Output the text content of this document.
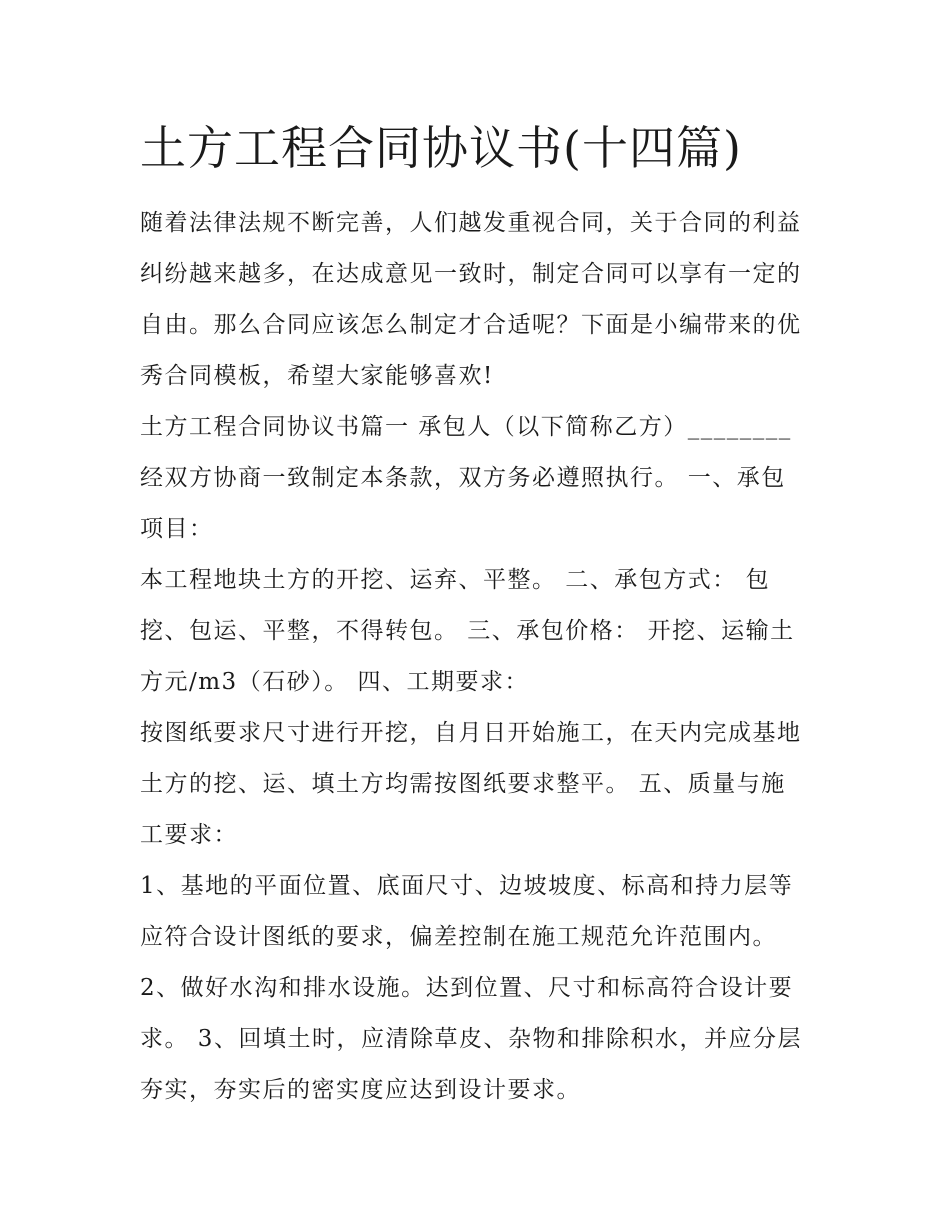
土方工程合同协议书(十四篇)

随着法律法规不断完善，人们越发重视合同，关于合同的利益
纠纷越来越多，在达成意见一致时，制定合同可以享有一定的
自由。那么合同应该怎么制定才合适呢？下面是小编带来的优
秀合同模板，希望大家能够喜欢!

土方工程合同协议书篇一 承包人（以下简称乙方）________
经双方协商一致制定本条款，双方务必遵照执行。 一、承包
项目：

本工程地块土方的开挖、运弃、平整。 二、承包方式： 包
挖、包运、平整，不得转包。 三、承包价格： 开挖、运输土
方元/m3（石砂）。 四、工期要求：

按图纸要求尺寸进行开挖，自月日开始施工，在天内完成基地
土方的挖、运、填土方均需按图纸要求整平。 五、质量与施
工要求：

1、基地的平面位置、底面尺寸、边坡坡度、标高和持力层等
应符合设计图纸的要求，偏差控制在施工规范允许范围内。

2、做好水沟和排水设施。达到位置、尺寸和标高符合设计要
求。 3、回填土时，应清除草皮、杂物和排除积水，并应分层
夯实，夯实后的密实度应达到设计要求。
